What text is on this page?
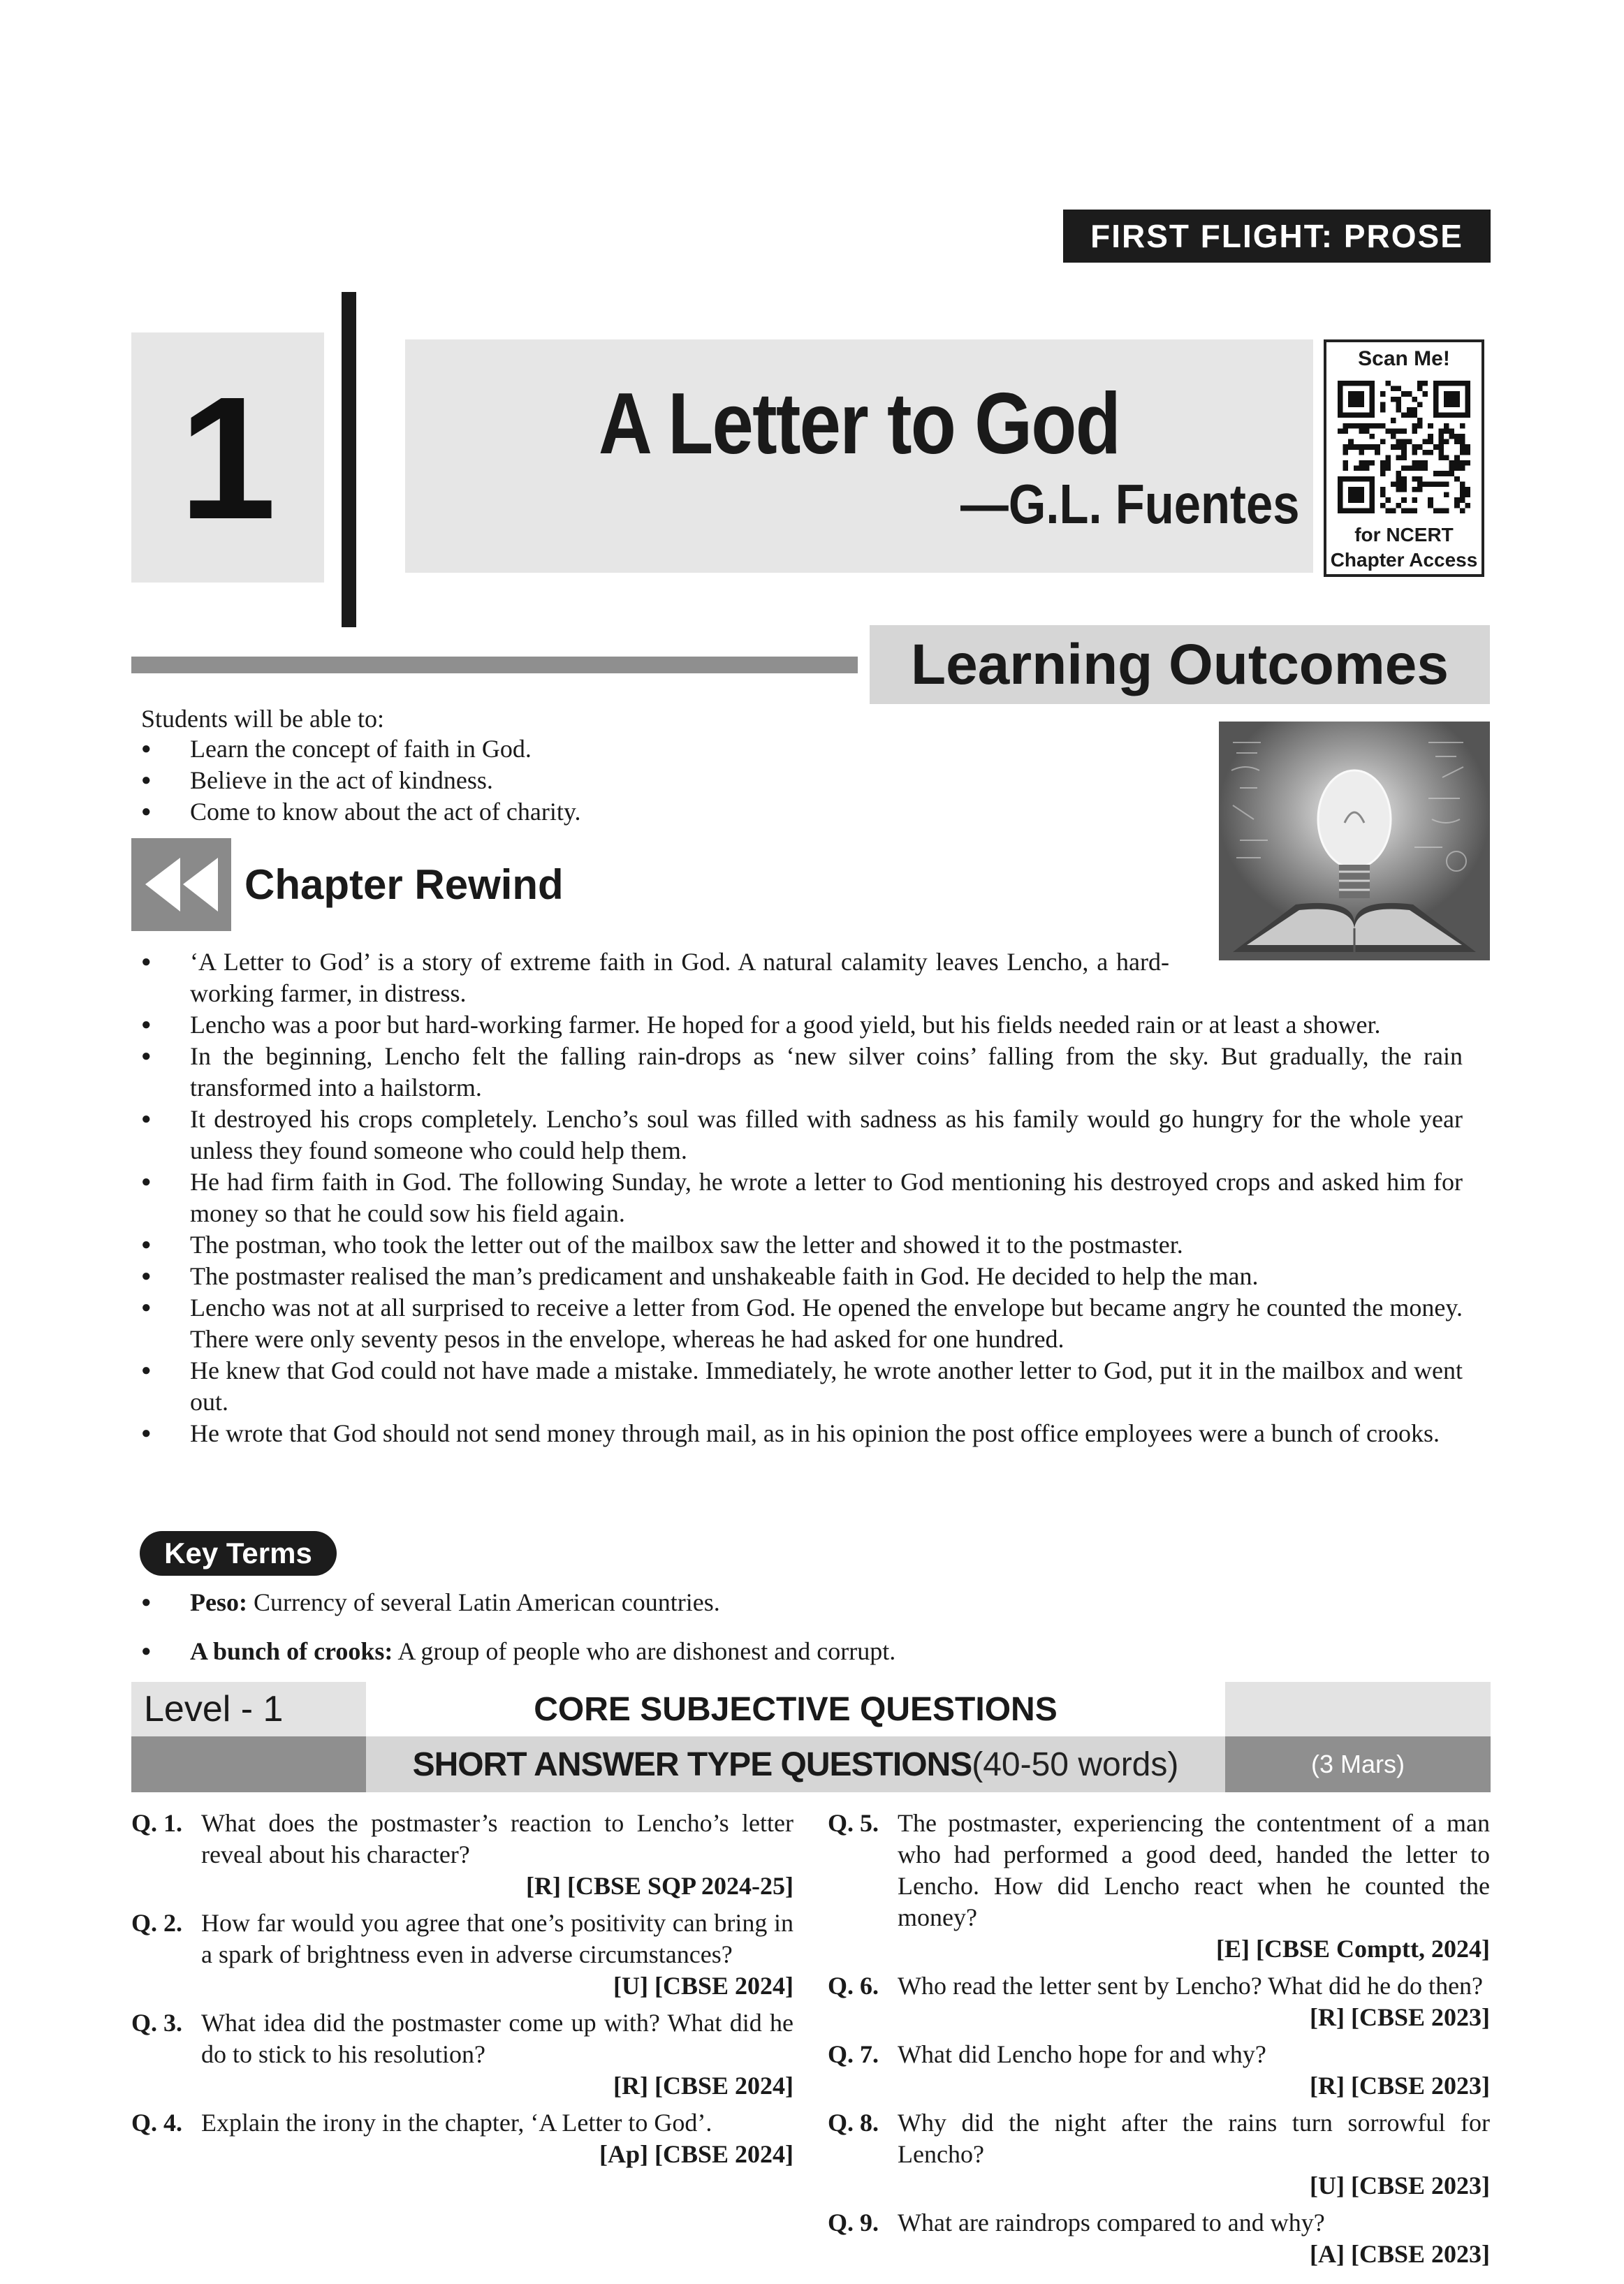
FIRST FLIGHT: PROSE
1	A Letter to God
—G.L. Fuentes
Scan Me!
for NCERT
Chapter Access
Learning Outcomes
Students will be able to:
● Learn the concept of faith in God.
● Believe in the act of kindness.
● Come to know about the act of charity.
Chapter Rewind
● ‘A Letter to God’ is a story of extreme faith in God. A natural calamity leaves Lencho, a hard-working farmer, in distress.
● Lencho was a poor but hard-working farmer. He hoped for a good yield, but his fields needed rain or at least a shower.
● In the beginning, Lencho felt the falling rain-drops as ‘new silver coins’ falling from the sky. But gradually, the rain transformed into a hailstorm.
● It destroyed his crops completely. Lencho’s soul was filled with sadness as his family would go hungry for the whole year unless they found someone who could help them.
● He had firm faith in God. The following Sunday, he wrote a letter to God mentioning his destroyed crops and asked him for money so that he could sow his field again.
● The postman, who took the letter out of the mailbox saw the letter and showed it to the postmaster.
● The postmaster realised the man’s predicament and unshakeable faith in God. He decided to help the man.
● Lencho was not at all surprised to receive a letter from God. He opened the envelope but became angry he counted the money. There were only seventy pesos in the envelope, whereas he had asked for one hundred.
● He knew that God could not have made a mistake. Immediately, he wrote another letter to God, put it in the mailbox and went out.
● He wrote that God should not send money through mail, as in his opinion the post office employees were a bunch of crooks.
Key Terms
● Peso: Currency of several Latin American countries.
● A bunch of crooks: A group of people who are dishonest and corrupt.
Level - 1	CORE SUBJECTIVE QUESTIONS
SHORT ANSWER TYPE QUESTIONS (40-50 words)	(3 Mars)
Q. 1. What does the postmaster’s reaction to Lencho’s letter reveal about his character?
[R] [CBSE SQP 2024-25]
Q. 2. How far would you agree that one’s positivity can bring in a spark of brightness even in adverse circumstances?
[U] [CBSE 2024]
Q. 3. What idea did the postmaster come up with? What did he do to stick to his resolution?
[R] [CBSE 2024]
Q. 4. Explain the irony in the chapter, ‘A Letter to God’.
[Ap] [CBSE 2024]
Q. 5. The postmaster, experiencing the contentment of a man who had performed a good deed, handed the letter to Lencho. How did Lencho react when he counted the money?
[E] [CBSE Comptt, 2024]
Q. 6. Who read the letter sent by Lencho? What did he do then?
[R] [CBSE 2023]
Q. 7. What did Lencho hope for and why?
[R] [CBSE 2023]
Q. 8. Why did the night after the rains turn sorrowful for Lencho?
[U] [CBSE 2023]
Q. 9. What are raindrops compared to and why?
[A] [CBSE 2023]
